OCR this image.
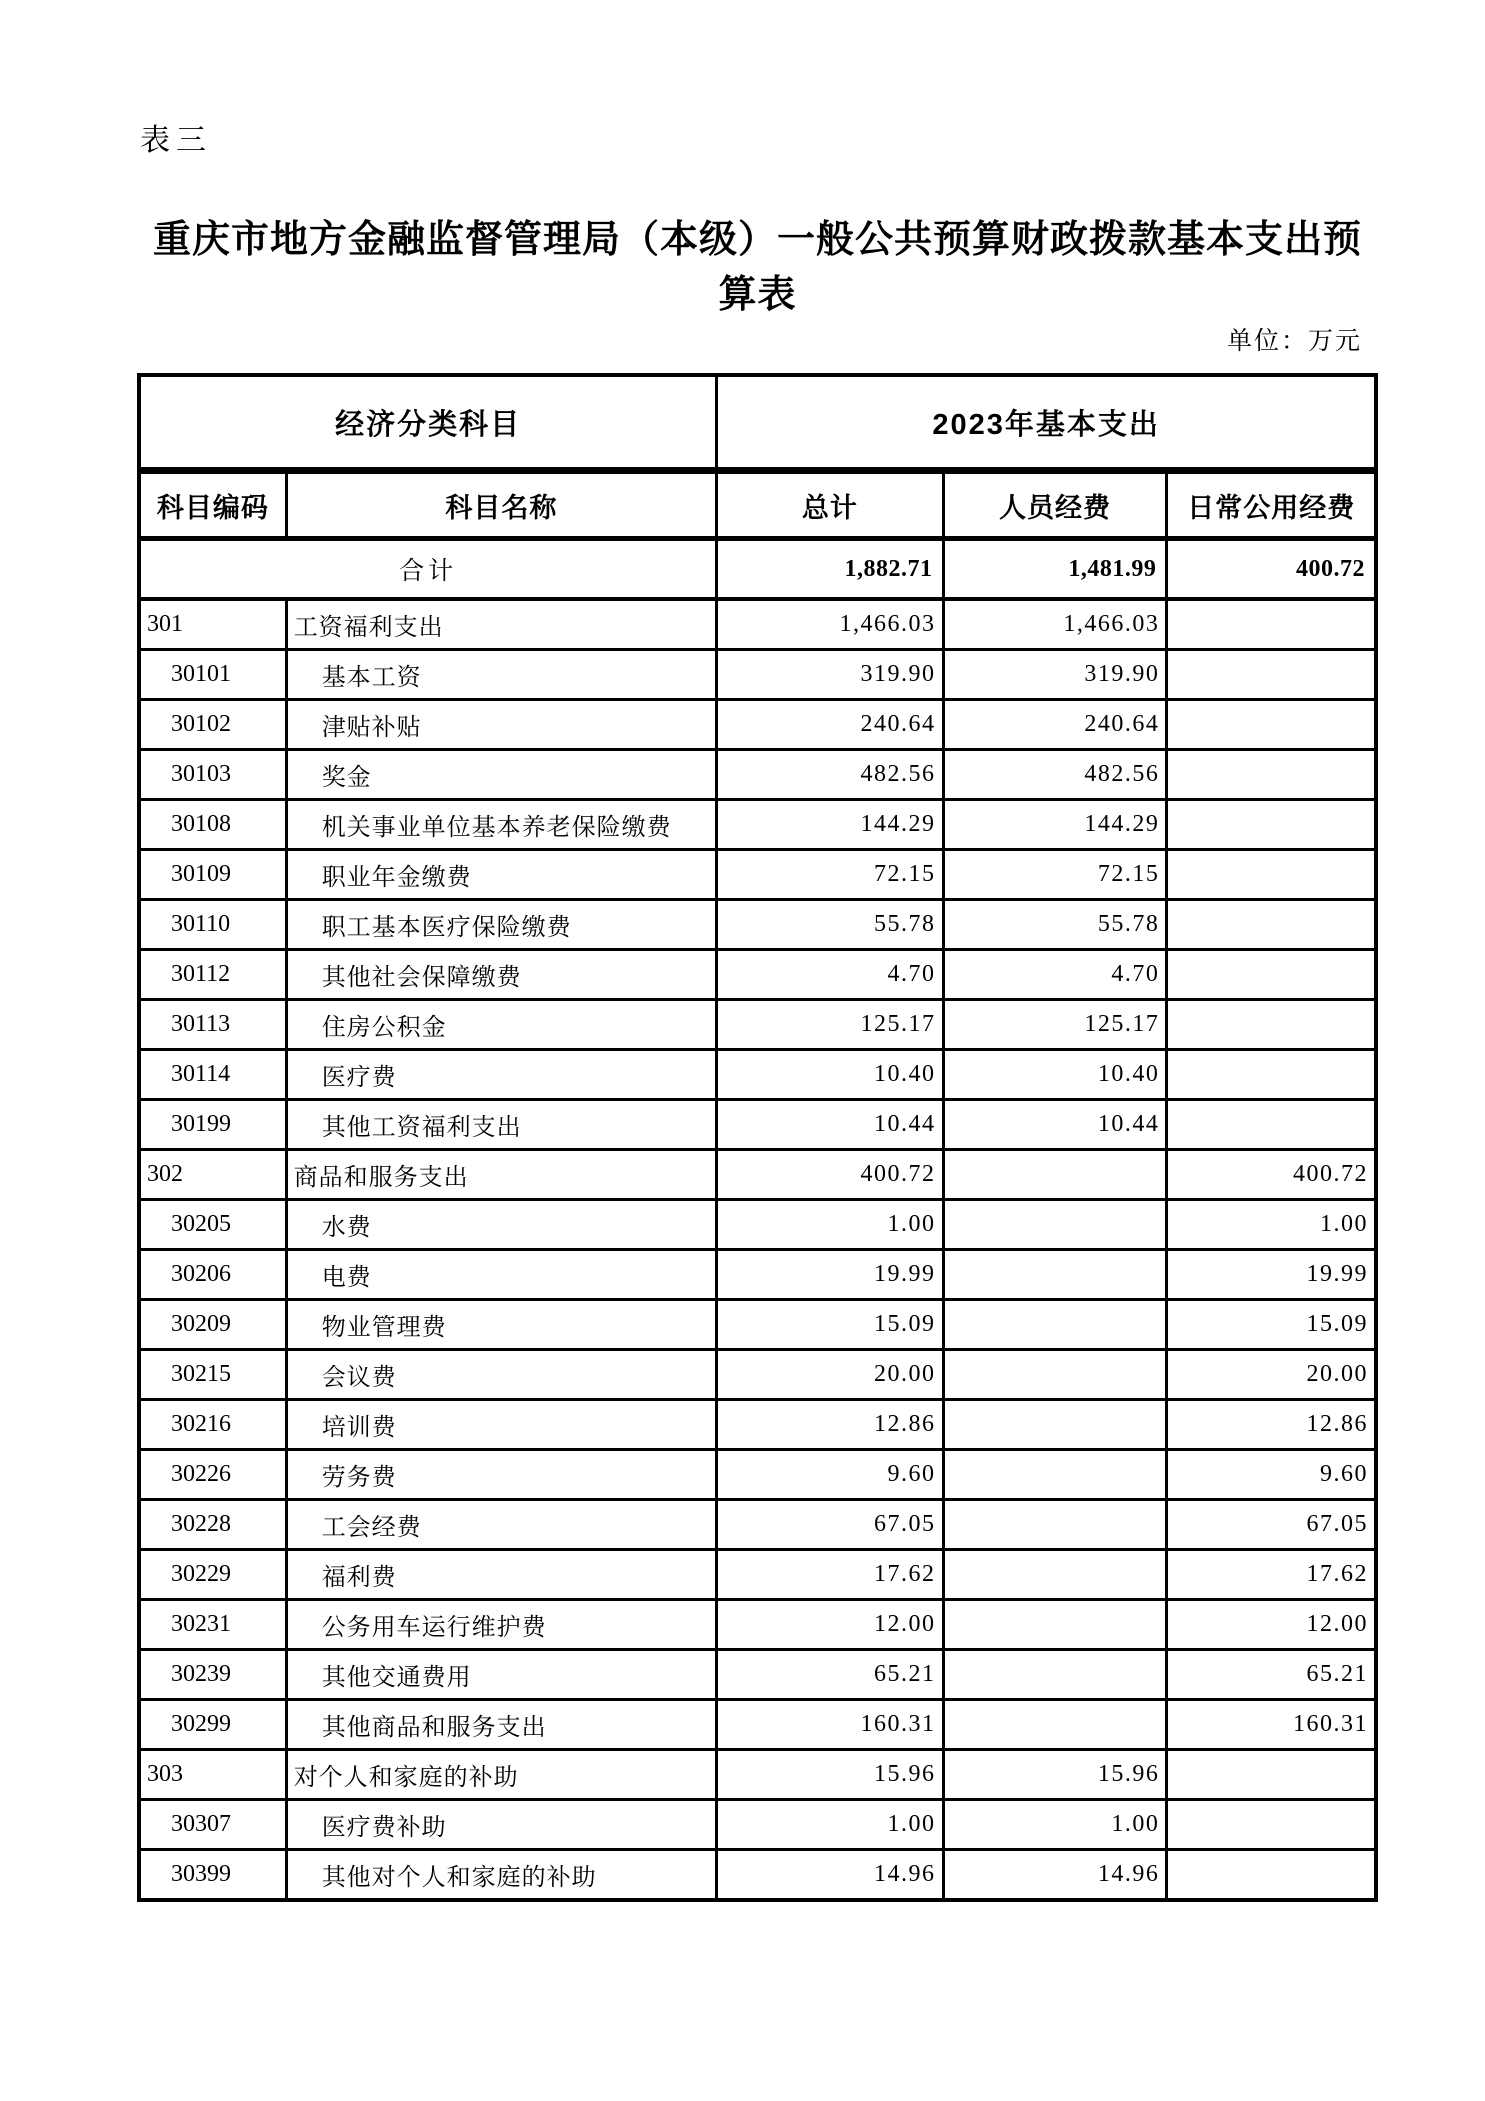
表三
重庆市地方金融监督管理局（本级）一般公共预算财政拨款基本支出预算表
单位：万元
经济分类科目		2023年基本支出		
科目编码	科目名称	总计	人员经费	日常公用经费
合计		1,882.71	1,481.99	400.72
301	工资福利支出	1,466.03	1,466.03	
30101	基本工资	319.90	319.90	
30102	津贴补贴	240.64	240.64	
30103	奖金	482.56	482.56	
30108	机关事业单位基本养老保险缴费	144.29	144.29	
30109	职业年金缴费	72.15	72.15	
30110	职工基本医疗保险缴费	55.78	55.78	
30112	其他社会保障缴费	4.70	4.70	
30113	住房公积金	125.17	125.17	
30114	医疗费	10.40	10.40	
30199	其他工资福利支出	10.44	10.44	
302	商品和服务支出	400.72		400.72
30205	水费	1.00		1.00
30206	电费	19.99		19.99
30209	物业管理费	15.09		15.09
30215	会议费	20.00		20.00
30216	培训费	12.86		12.86
30226	劳务费	9.60		9.60
30228	工会经费	67.05		67.05
30229	福利费	17.62		17.62
30231	公务用车运行维护费	12.00		12.00
30239	其他交通费用	65.21		65.21
30299	其他商品和服务支出	160.31		160.31
303	对个人和家庭的补助	15.96	15.96	
30307	医疗费补助	1.00	1.00	
30399	其他对个人和家庭的补助	14.96	14.96	
